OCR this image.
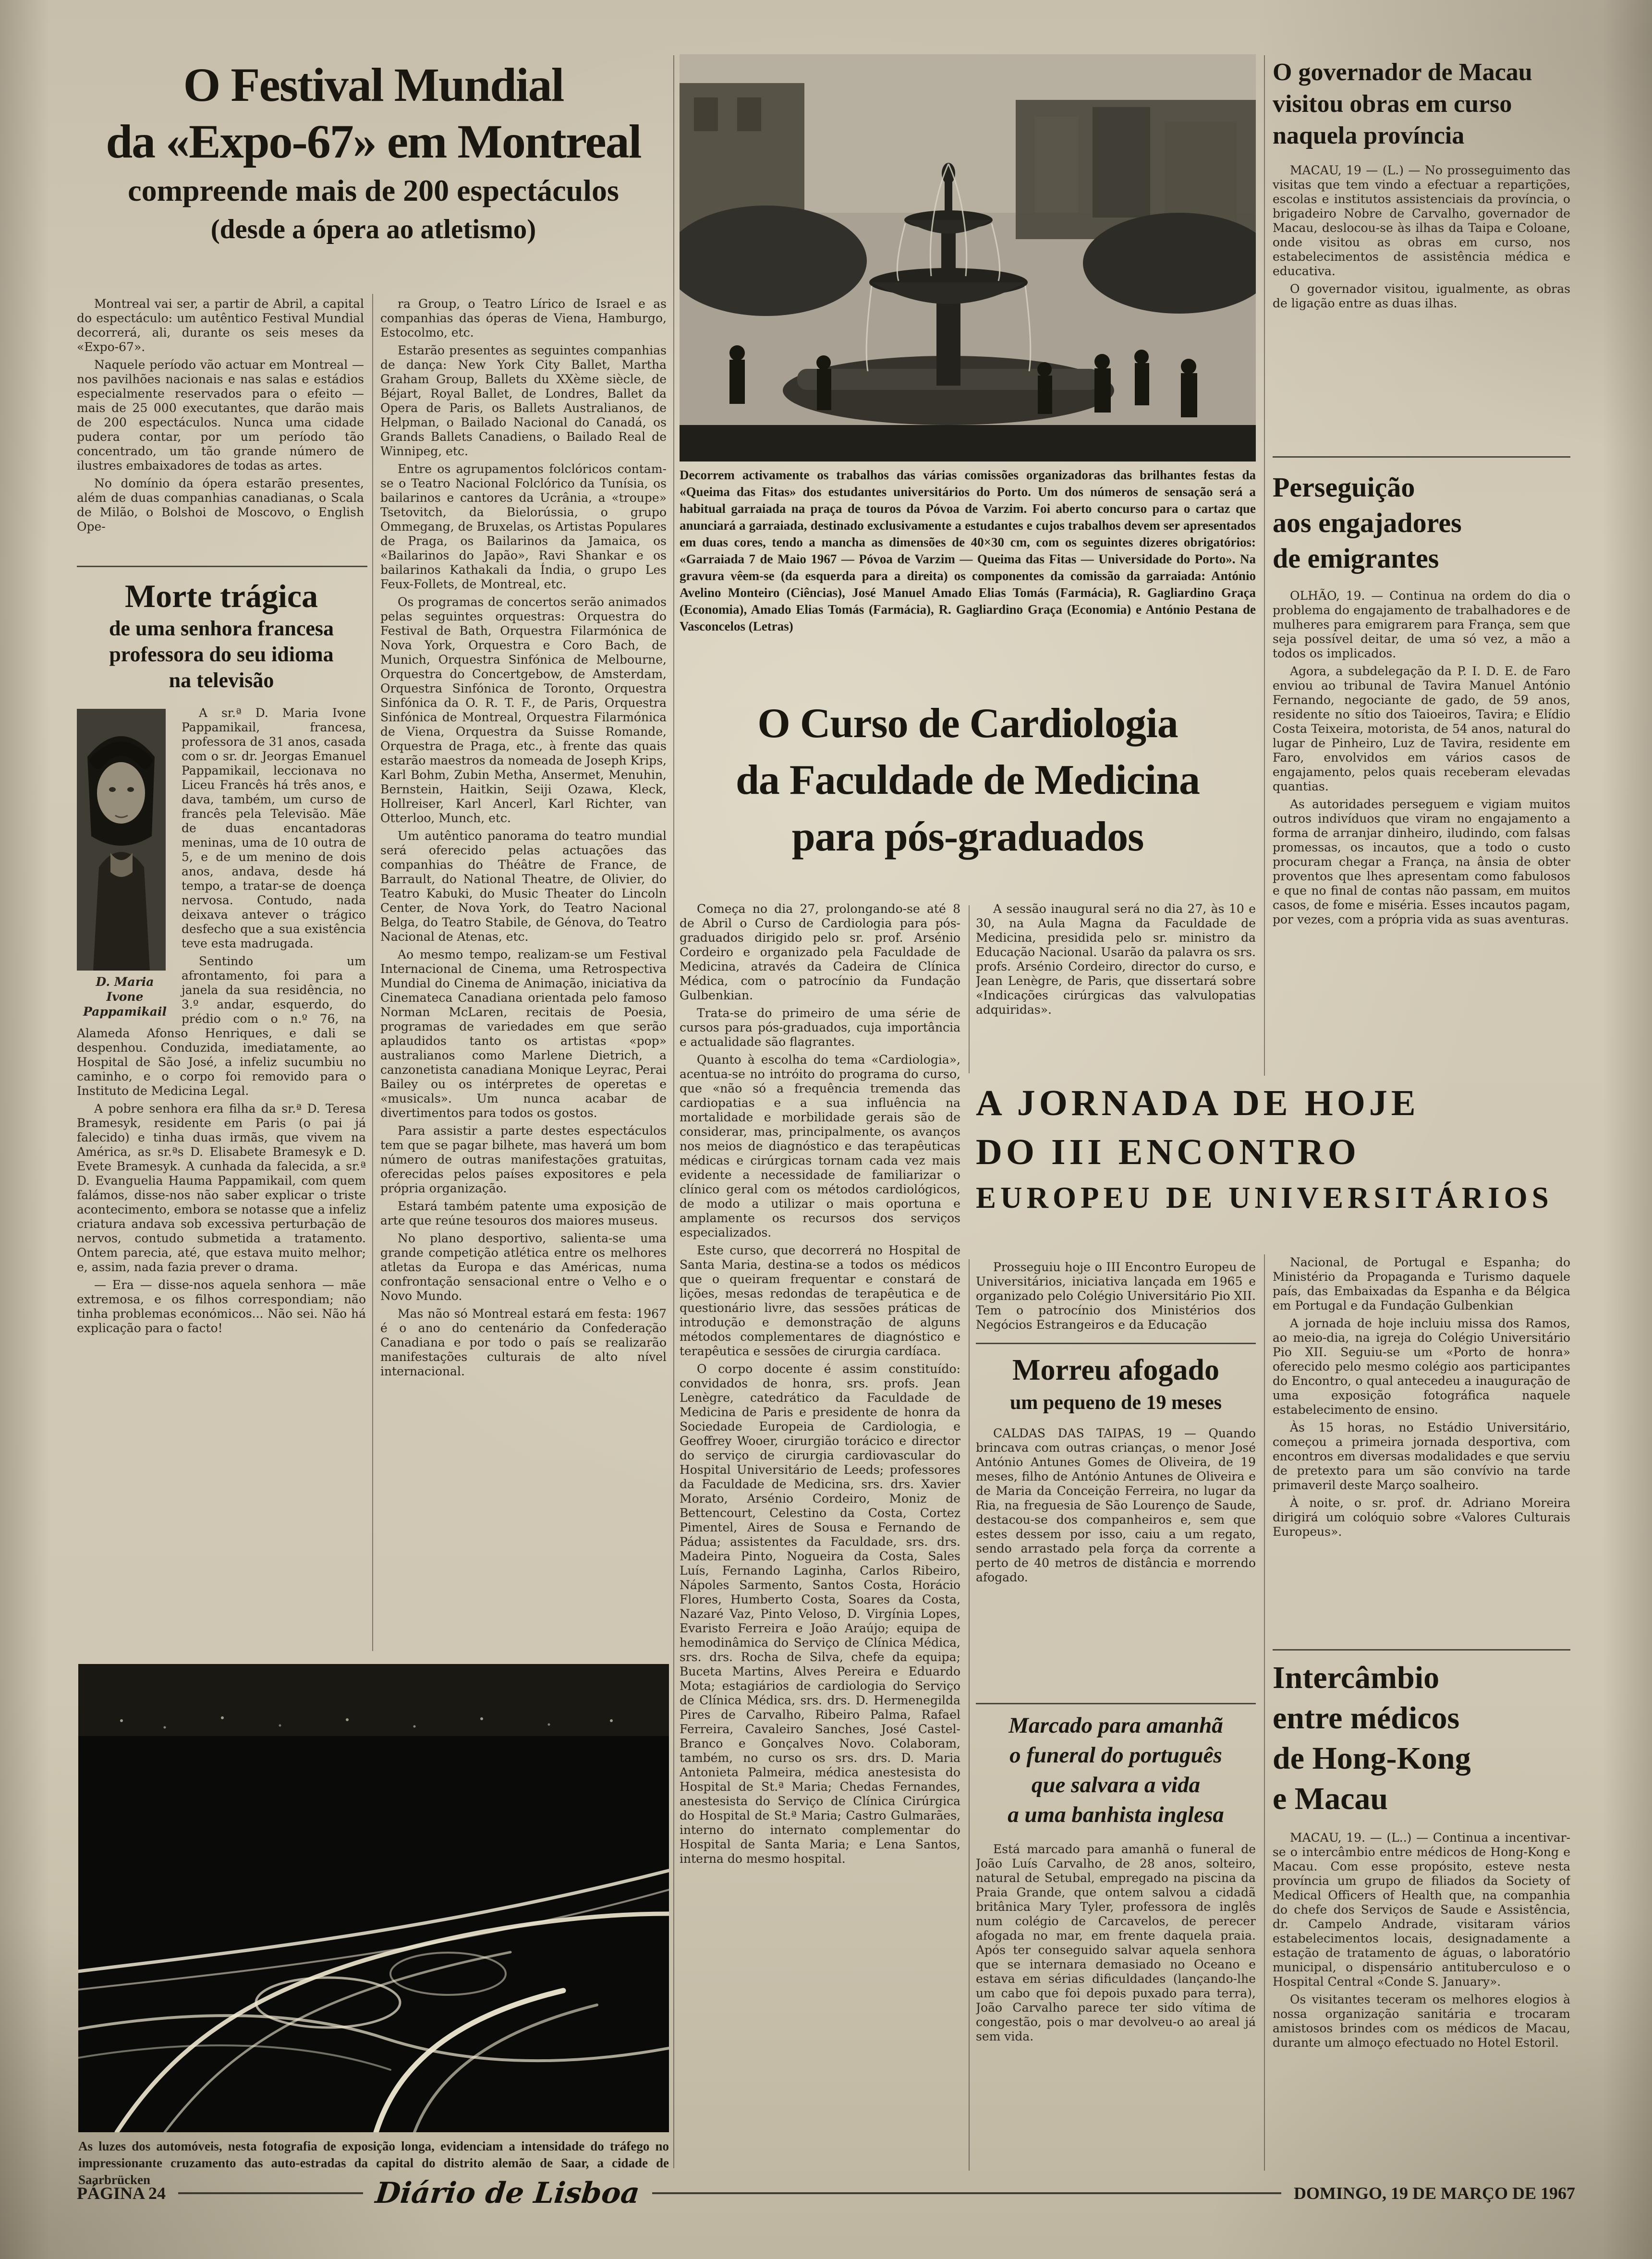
O Festival Mundial
da «Expo-67» em Montreal
compreende mais de 200 espectáculos
(desde a ópera ao atletismo)

Montreal vai ser, a partir de Abril, a capital do espectáculo: um autêntico Festival Mundial decorrerá, ali, durante os seis meses da «Expo-67».

Naquele período vão actuar em Montreal — nos pavilhões nacionais e nas salas e estádios especialmente reservados para o efeito — mais de 25 000 executantes, que darão mais de 200 espectáculos. Nunca uma cidade pudera contar, por um período tão concentrado, um tão grande número de ilustres embaixadores de todas as artes.

No domínio da ópera estarão presentes, além de duas companhias canadianas, o Scala de Milão, o Bolshoi de Moscovo, o English Ope-

ra Group, o Teatro Lírico de Israel e as companhias das óperas de Viena, Hamburgo, Estocolmo, etc.

Estarão presentes as seguintes companhias de dança: New York City Ballet, Martha Graham Group, Ballets du XXème siècle, de Béjart, Royal Ballet, de Londres, Ballet da Opera de Paris, os Ballets Australianos, de Helpman, o Bailado Nacional do Canadá, os Grands Ballets Canadiens, o Bailado Real de Winnipeg, etc.

Entre os agrupamentos folclóricos contam-se o Teatro Nacional Folclórico da Tunísia, os bailarinos e cantores da Ucrânia, a «troupe» Tsetovitch, da Bielorússia, o grupo Ommegang, de Bruxelas, os Artistas Populares de Praga, os Bailarinos da Jamaica, os «Bailarinos do Japão», Ravi Shankar e os bailarinos Kathakali da Índia, o grupo Les Feux-Follets, de Montreal, etc.

Os programas de concertos serão animados pelas seguintes orquestras: Orquestra do Festival de Bath, Orquestra Filarmónica de Nova York, Orquestra e Coro Bach, de Munich, Orquestra Sinfónica de Melbourne, Orquestra do Concertgebow, de Amsterdam, Orquestra Sinfónica de Toronto, Orquestra Sinfónica da O. R. T. F., de Paris, Orquestra Sinfónica de Montreal, Orquestra Filarmónica de Viena, Orquestra da Suisse Romande, Orquestra de Praga, etc., à frente das quais estarão maestros da nomeada de Joseph Krips, Karl Bohm, Zubin Metha, Ansermet, Menuhin, Bernstein, Haitkin, Seiji Ozawa, Kleck, Hollreiser, Karl Ancerl, Karl Richter, van Otterloo, Munch, etc.

Um autêntico panorama do teatro mundial será oferecido pelas actuações das companhias do Théâtre de France, de Barrault, do National Theatre, de Olivier, do Teatro Kabuki, do Music Theater do Lincoln Center, de Nova York, do Teatro Nacional Belga, do Teatro Stabile, de Génova, do Teatro Nacional de Atenas, etc.

Ao mesmo tempo, realizam-se um Festival Internacional de Cinema, uma Retrospectiva Mundial do Cinema de Animação, iniciativa da Cinemateca Canadiana orientada pelo famoso Norman McLaren, recitais de Poesia, programas de variedades em que serão aplaudidos tanto os artistas «pop» australianos como Marlene Dietrich, a canzonetista canadiana Monique Leyrac, Perai Bailey ou os intérpretes de operetas e «musicals». Um nunca acabar de divertimentos para todos os gostos.

Para assistir a parte destes espectáculos tem que se pagar bilhete, mas haverá um bom número de outras manifestações gratuitas, oferecidas pelos países expositores e pela própria organização.

Estará também patente uma exposição de arte que reúne tesouros dos maiores museus.

No plano desportivo, salienta-se uma grande competição atlética entre os melhores atletas da Europa e das Américas, numa confrontação sensacional entre o Velho e o Novo Mundo.

Mas não só Montreal estará em festa: 1967 é o ano do centenário da Confederação Canadiana e por todo o país se realizarão manifestações culturais de alto nível internacional.

Morte trágica
de uma senhora francesa
professora do seu idioma
na televisão
D. Maria Ivone
Pappamikail

A sr.ª D. Maria Ivone Pappamikail, francesa, professora de 31 anos, casada com o sr. dr. Jeorgas Emanuel Pappamikail, leccionava no Liceu Francês há três anos, e dava, também, um curso de francês pela Televisão. Mãe de duas encantadoras meninas, uma de 10 outra de 5, e de um menino de dois anos, andava, desde há tempo, a tratar-se de doença nervosa. Contudo, nada deixava antever o trágico desfecho que a sua existência teve esta madrugada.

Sentindo um afrontamento, foi para a janela da sua residência, no 3.º andar, esquerdo, do prédio com o n.º 76, na Alameda Afonso Henriques, e dali se despenhou. Conduzida, imediatamente, ao Hospital de São José, a infeliz sucumbiu no caminho, e o corpo foi removido para o Instituto de Medicina Legal.

A pobre senhora era filha da sr.ª D. Teresa Bramesyk, residente em Paris (o pai já falecido) e tinha duas irmãs, que vivem na América, as sr.ªs D. Elisabete Bramesyk e D. Evete Bramesyk. A cunhada da falecida, a sr.ª D. Evanguelia Hauma Pappamikail, com quem falámos, disse-nos não saber explicar o triste acontecimento, embora se notasse que a infeliz criatura andava sob excessiva perturbação de nervos, contudo submetida a tratamento. Ontem parecia, até, que estava muito melhor; e, assim, nada fazia prever o drama.

— Era — disse-nos aquela senhora — mãe extremosa, e os filhos correspondiam; não tinha problemas económicos... Não sei. Não há explicação para o facto!

As luzes dos automóveis, nesta fotografia de exposição longa, evidenciam a intensidade do tráfego no impressionante cruzamento das auto-estradas da capital do distrito alemão de Saar, a cidade de Saarbrücken
Decorrem activamente os trabalhos das várias comissões organizadoras das brilhantes festas da «Queima das Fitas» dos estudantes universitários do Porto. Um dos números de sensação será a habitual garraiada na praça de touros da Póvoa de Varzim. Foi aberto concurso para o cartaz que anunciará a garraiada, destinado exclusivamente a estudantes e cujos trabalhos devem ser apresentados em duas cores, tendo a mancha as dimensões de 40×30 cm, com os seguintes dizeres obrigatórios: «Garraiada 7 de Maio 1967 — Póvoa de Varzim — Queima das Fitas — Universidade do Porto». Na gravura vêem-se (da esquerda para a direita) os componentes da comissão da garraiada: António Avelino Monteiro (Ciências), José Manuel Amado Elias Tomás (Farmácia), R. Gagliardino Graça (Economia), Amado Elias Tomás (Farmácia), R. Gagliardino Graça (Economia) e António Pestana de Vasconcelos (Letras)
O Curso de Cardiologia
da Faculdade de Medicina
para pós-graduados

Começa no dia 27, prolongando-se até 8 de Abril o Curso de Cardiologia para pós-graduados dirigido pelo sr. prof. Arsénio Cordeiro e organizado pela Faculdade de Medicina, através da Cadeira de Clínica Médica, com o patrocínio da Fundação Gulbenkian.

Trata-se do primeiro de uma série de cursos para pós-graduados, cuja importância e actualidade são flagrantes.

Quanto à escolha do tema «Cardiologia», acentua-se no intróito do programa do curso, que «não só a frequência tremenda das cardiopatias e a sua influência na mortalidade e morbilidade gerais são de considerar, mas, principalmente, os avanços nos meios de diagnóstico e das terapêuticas médicas e cirúrgicas tornam cada vez mais evidente a necessidade de familiarizar o clínico geral com os métodos cardiológicos, de modo a utilizar o mais oportuna e amplamente os recursos dos serviços especializados.

Este curso, que decorrerá no Hospital de Santa Maria, destina-se a todos os médicos que o queiram frequentar e constará de lições, mesas redondas de terapêutica e de questionário livre, das sessões práticas de introdução e demonstração de alguns métodos complementares de diagnóstico e terapêutica e sessões de cirurgia cardíaca.

O corpo docente é assim constituído: convidados de honra, srs. profs. Jean Lenègre, catedrático da Faculdade de Medicina de Paris e presidente de honra da Sociedade Europeia de Cardiologia, e Geoffrey Wooer, cirurgião torácico e director do serviço de cirurgia cardiovascular do Hospital Universitário de Leeds; professores da Faculdade de Medicina, srs. drs. Xavier Morato, Arsénio Cordeiro, Moniz de Bettencourt, Celestino da Costa, Cortez Pimentel, Aires de Sousa e Fernando de Pádua; assistentes da Faculdade, srs. drs. Madeira Pinto, Nogueira da Costa, Sales Luís, Fernando Laginha, Carlos Ribeiro, Nápoles Sarmento, Santos Costa, Horácio Flores, Humberto Costa, Soares da Costa, Nazaré Vaz, Pinto Veloso, D. Virgínia Lopes, Evaristo Ferreira e João Araújo; equipa de hemodinâmica do Serviço de Clínica Médica, srs. drs. Rocha de Silva, chefe da equipa; Buceta Martins, Alves Pereira e Eduardo Mota; estagiários de cardiologia do Serviço de Clínica Médica, srs. drs. D. Hermenegilda Pires de Carvalho, Ribeiro Palma, Rafael Ferreira, Cavaleiro Sanches, José Castel-Branco e Gonçalves Novo. Colaboram, também, no curso os srs. drs. D. Maria Antonieta Palmeira, médica anestesista do Hospital de St.ª Maria; Chedas Fernandes, anestesista do Serviço de Clínica Cirúrgica do Hospital de St.ª Maria; Castro Gulmarães, interno do internato complementar do Hospital de Santa Maria; e Lena Santos, interna do mesmo hospital.

A sessão inaugural será no dia 27, às 10 e 30, na Aula Magna da Faculdade de Medicina, presidida pelo sr. ministro da Educação Nacional. Usarão da palavra os srs. profs. Arsénio Cordeiro, director do curso, e Jean Lenègre, de Paris, que dissertará sobre «Indicações cirúrgicas das valvulopatias adquiridas».

A JORNADA DE HOJE
DO III ENCONTRO
EUROPEU DE UNIVERSITÁRIOS

Prosseguiu hoje o III Encontro Europeu de Universitários, iniciativa lançada em 1965 e organizado pelo Colégio Universitário Pio XII. Tem o patrocínio dos Ministérios dos Negócios Estrangeiros e da Educação

Nacional, de Portugal e Espanha; do Ministério da Propaganda e Turismo daquele país, das Embaixadas da Espanha e da Bélgica em Portugal e da Fundação Gulbenkian

A jornada de hoje incluiu missa dos Ramos, ao meio-dia, na igreja do Colégio Universitário Pio XII. Seguiu-se um «Porto de honra» oferecido pelo mesmo colégio aos participantes do Encontro, o qual antecedeu a inauguração de uma exposição fotográfica naquele estabelecimento de ensino.

Às 15 horas, no Estádio Universitário, começou a primeira jornada desportiva, com encontros em diversas modalidades e que serviu de pretexto para um são convívio na tarde primaveril deste Março soalheiro.

À noite, o sr. prof. dr. Adriano Moreira dirigirá um colóquio sobre «Valores Culturais Europeus».

Morreu afogado
um pequeno de 19 meses

CALDAS DAS TAIPAS, 19 — Quando brincava com outras crianças, o menor José António Antunes Gomes de Oliveira, de 19 meses, filho de António Antunes de Oliveira e de Maria da Conceição Ferreira, no lugar da Ria, na freguesia de São Lourenço de Saude, destacou-se dos companheiros e, sem que estes dessem por isso, caiu a um regato, sendo arrastado pela força da corrente a perto de 40 metros de distância e morrendo afogado.

Marcado para amanhã
o funeral do português
que salvara a vida
a uma banhista inglesa

Está marcado para amanhã o funeral de João Luís Carvalho, de 28 anos, solteiro, natural de Setubal, empregado na piscina da Praia Grande, que ontem salvou a cidadã britânica Mary Tyler, professora de inglês num colégio de Carcavelos, de perecer afogada no mar, em frente daquela praia. Após ter conseguido salvar aquela senhora que se internara demasiado no Oceano e estava em sérias dificuldades (lançando-lhe um cabo que foi depois puxado para terra), João Carvalho parece ter sido vítima de congestão, pois o mar devolveu-o ao areal já sem vida.

O governador de Macau
visitou obras em curso
naquela província

MACAU, 19 — (L.) — No prosseguimento das visitas que tem vindo a efectuar a repartições, escolas e institutos assistenciais da província, o brigadeiro Nobre de Carvalho, governador de Macau, deslocou-se às ilhas da Taipa e Coloane, onde visitou as obras em curso, nos estabelecimentos de assistência médica e educativa.

O governador visitou, igualmente, as obras de ligação entre as duas ilhas.

Perseguição
aos engajadores
de emigrantes

OLHÃO, 19. — Continua na ordem do dia o problema do engajamento de trabalhadores e de mulheres para emigrarem para França, sem que seja possível deitar, de uma só vez, a mão a todos os implicados.

Agora, a subdelegação da P. I. D. E. de Faro enviou ao tribunal de Tavira Manuel António Fernando, negociante de gado, de 59 anos, residente no sítio dos Taioeiros, Tavira; e Elídio Costa Teixeira, motorista, de 54 anos, natural do lugar de Pinheiro, Luz de Tavira, residente em Faro, envolvidos em vários casos de engajamento, pelos quais receberam elevadas quantias.

As autoridades perseguem e vigiam muitos outros indivíduos que viram no engajamento a forma de arranjar dinheiro, iludindo, com falsas promessas, os incautos, que a todo o custo procuram chegar a França, na ânsia de obter proventos que lhes apresentam como fabulosos e que no final de contas não passam, em muitos casos, de fome e miséria. Esses incautos pagam, por vezes, com a própria vida as suas aventuras.

Intercâmbio
entre médicos
de Hong-Kong
e Macau

MACAU, 19. — (L..) — Continua a incentivar-se o intercâmbio entre médicos de Hong-Kong e Macau. Com esse propósito, esteve nesta província um grupo de filiados da Society of Medical Officers of Health que, na companhia do chefe dos Serviços de Saude e Assistência, dr. Campelo Andrade, visitaram vários estabelecimentos locais, designadamente a estação de tratamento de águas, o laboratório municipal, o dispensário antituberculoso e o Hospital Central «Conde S. January».

Os visitantes teceram os melhores elogios à nossa organização sanitária e trocaram amistosos brindes com os médicos de Macau, durante um almoço efectuado no Hotel Estoril.

PÁGINA 24	Diário de Lisboa	DOMINGO, 19 DE MARÇO DE 1967
